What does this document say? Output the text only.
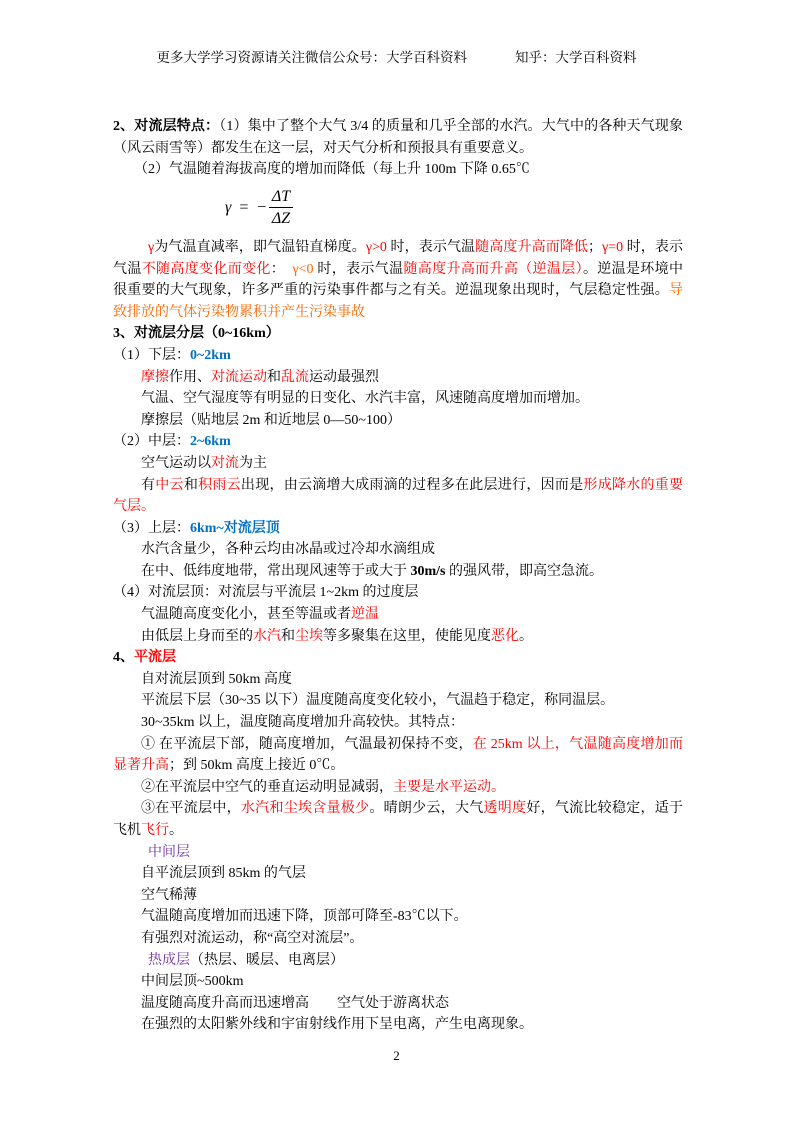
更多大学学习资源请关注微信公众号：大学百科资料	知乎：大学百科资料

2、对流层特点：（1）集中了整个大气 3/4 的质量和几乎全部的水汽。大气中的各种天气现象（风云雨雪等）都发生在这一层，对天气分析和预报具有重要意义。

（2）气温随着海拔高度的增加而降低（每上升 100m 下降 0.65℃

γ = − $\frac{\Delta T}{\Delta Z}$

γ为气温直减率，即气温铅直梯度。γ>0 时，表示气温随高度升高而降低；γ=0 时，表示气温不随高度变化而变化：　γ<0 时，表示气温随高度升高而升高（逆温层）。逆温是环境中很重要的大气现象，许多严重的污染事件都与之有关。逆温现象出现时，气层稳定性强。导致排放的气体污染物累积并产生污染事故

3、对流层分层（0~16km）

（1）下层：0~2km

摩擦作用、对流运动和乱流运动最强烈

气温、空气湿度等有明显的日变化、水汽丰富，风速随高度增加而增加。

摩擦层（贴地层 2m 和近地层 0—50~100）

（2）中层：2~6km

空气运动以对流为主

有中云和积雨云出现，由云滴增大成雨滴的过程多在此层进行，因而是形成降水的重要气层。

（3）上层：6km~对流层顶

水汽含量少，各种云均由冰晶或过冷却水滴组成

在中、低纬度地带，常出现风速等于或大于 30m/s 的强风带，即高空急流。

（4）对流层顶：对流层与平流层 1~2km 的过度层

气温随高度变化小，甚至等温或者逆温

由低层上身而至的水汽和尘埃等多聚集在这里，使能见度恶化。

4、平流层

自对流层顶到 50km 高度

平流层下层（30~35 以下）温度随高度变化较小，气温趋于稳定，称同温层。

30~35km 以上，温度随高度增加升高较快。其特点：

① 在平流层下部，随高度增加，气温最初保持不变，在 25km 以上，气温随高度增加而显著升高；到 50km 高度上接近 0℃。

②在平流层中空气的垂直运动明显减弱，主要是水平运动。

③在平流层中，水汽和尘埃含量极少。晴朗少云，大气透明度好，气流比较稳定，适于飞机飞行。

中间层

自平流层顶到 85km 的气层

空气稀薄

气温随高度增加而迅速下降，顶部可降至-83℃以下。

有强烈对流运动，称“高空对流层”。

热成层（热层、暖层、电离层）

中间层顶~500km

温度随高度升高而迅速增高　　空气处于游离状态

在强烈的太阳紫外线和宇宙射线作用下呈电离，产生电离现象。

2
